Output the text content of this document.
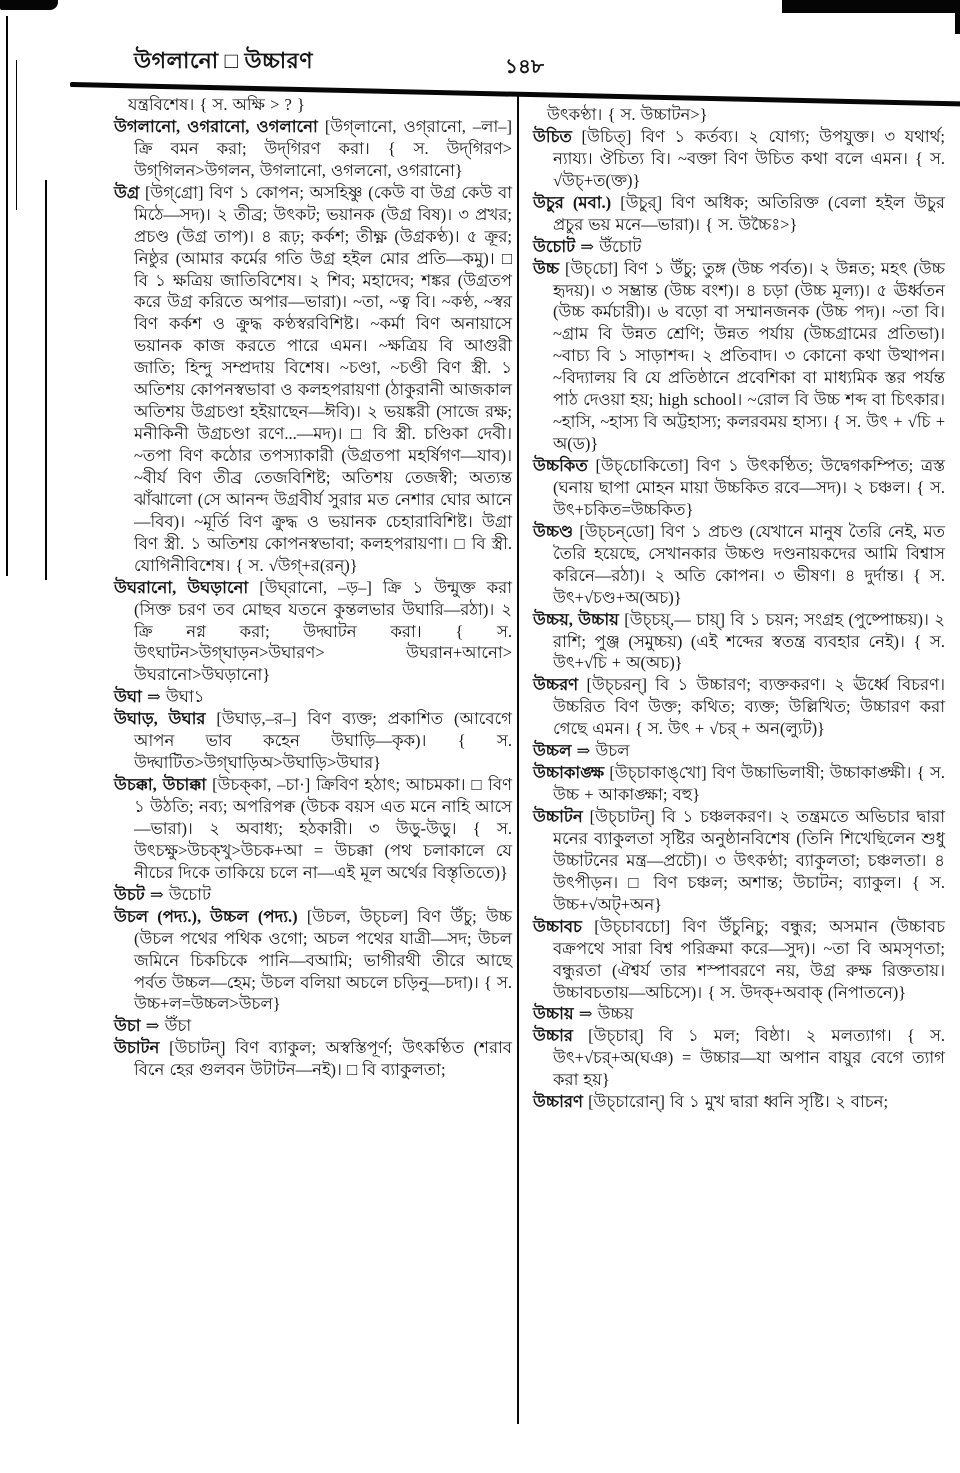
উগলানো □ উচ্চারণ	১৪৮

যন্ত্রবিশেষ। { স. অক্ষি > ? }

উগলানো, ওগরানো, ওগলানো [উগ্‌লানো, ওগ্‌রানো, –লা–] ক্রি বমন করা; উদ্‌গিরণ করা। { স. উদ্‌গিরণ> উগ্‌গিলন>উগলন, উগলানো, ওগলনো, ওগরানো}

উগ্র [উগ্‌গ্রো] বিণ ১ কোপন; অসহিষ্ণু (কেউ বা উগ্র কেউ বা মিঠে—সদ)। ২ তীব্র; উৎকট; ভয়ানক (উগ্র বিষ)। ৩ প্রখর; প্রচণ্ড (উগ্র তাপ)। ৪ রূঢ়; কর্কশ; তীক্ষ্ণ (উগ্রকণ্ঠ)। ৫ ক্রূর; নিষ্ঠুর (আমার কর্মের গতি উগ্র হইল মোর প্রতি—কমু)। □ বি ১ ক্ষত্রিয় জাতিবিশেষ। ২ শিব; মহাদেব; শঙ্কর (উগ্রতপ করে উগ্র করিতে অপার—ভারা)। ~তা, ~ত্ব বি। ~কণ্ঠ, ~স্বর বিণ কর্কশ ও ক্রুদ্ধ কণ্ঠস্বরবিশিষ্ট। ~কর্মা বিণ অনায়াসে ভয়ানক কাজ করতে পারে এমন। ~ক্ষত্রিয় বি আগুরী জাতি; হিন্দু সম্প্রদায় বিশেষ। ~চণ্ডা, ~চণ্ডী বিণ স্ত্রী. ১ অতিশয় কোপনস্বভাবা ও কলহপরায়ণা (ঠাকুরানী আজকাল অতিশয় উগ্রচণ্ডা হইয়াছেন—ঈবি)। ২ ভয়ঙ্করী (সাজে রক্ষ; মনীকিনী উগ্রচণ্ডা রণে...—মদ)। □ বি স্ত্রী. চণ্ডিকা দেবী। ~তপা বিণ কঠোর তপস্যাকারী (উগ্রতপা মহর্ষিগণ—যাব)। ~বীর্য বিণ তীব্র তেজবিশিষ্ট; অতিশয় তেজস্বী; অত্যন্ত ঝাঁঝালো (সে আনন্দ উগ্রবীর্য সুরার মত নেশার ঘোর আনে—বিব)। ~মূর্তি বিণ ক্রুদ্ধ ও ভয়ানক চেহারাবিশিষ্ট। উগ্রা বিণ স্ত্রী. ১ অতিশয় কোপনস্বভাবা; কলহপরায়ণা। □ বি স্ত্রী. যোগিনীবিশেষ। { স. √উগ্‌+র(রন্)}

উঘরানো, উঘড়ানো [উঘ্‌রানো, –ড়–] ক্রি ১ উন্মুক্ত করা (সিক্ত চরণ তব মোছব যতনে কুন্তলভার উঘারি—রঠা)। ২ ক্রি নগ্ন করা; উদ্ঘাটন করা। { স. উৎঘাটন>উগ্‌ঘাড়ন>উঘারণ> উঘরান+আনো> উঘরানো>উঘড়ানো}

উঘা ⇒ উঘা১

উঘাড়, উঘার [উঘাড়,–র–] বিণ ব্যক্ত; প্রকাশিত (আবেগে আপন ভাব কহেন উঘাড়ি—কৃক)। { স. উদ্ঘাটিত>উগ্‌ঘাড়িঅ>উঘাড়ি>উঘার}

উচক্কা, উচাক্কা [উচক্‌কা, –চা·] ক্রিবিণ হঠাৎ; আচমকা। □ বিণ ১ উঠতি; নব্য; অপরিপক্ব (উচক বয়স এত মনে নাহি আসে—ভারা)। ২ অবাধ্য; হঠকারী। ৩ উড়ু-উড়ু। { স. উৎচক্ষু>উচক্‌খু>উচক+আ = উচক্কা (পথ চলাকালে যে নীচের দিকে তাকিয়ে চলে না—এই মূল অর্থের বিস্তৃতিতে)}

উচট ⇒ উচোট

উচল (পদ্য.), উচ্চল (পদ্য.) [উচল, উচ্‌চল] বিণ উঁচু; উচ্চ (উচল পথের পথিক ওগো; অচল পথের যাত্রী—সদ; উচল জমিনে চিকচিকে পানি—বআমি; ভাগীরথী তীরে আছে পর্বত উচ্চল—হেম; উচল বলিয়া অচলে চড়িনু—চদা)। { স. উচ্চ+ল=উচ্চল>উচল}

উচা ⇒ উঁচা

উচাটন [উচাটন্] বিণ ব্যাকুল; অস্বস্তিপূর্ণ; উৎকণ্ঠিত (শরাব বিনে হের গুলবন উটাটন—নই)। □ বি ব্যাকুলতা;

উৎকণ্ঠা। { স. উচ্চাটন>}

উচিত [উচিত্] বিণ ১ কর্তব্য। ২ যোগ্য; উপযুক্ত। ৩ যথার্থ; ন্যায্য। ঔচিত্য বি। ~বক্তা বিণ উচিত কথা বলে এমন। { স. √উচ্‌+ত(ক্ত)}

উচুর (মবা.) [উচুর্] বিণ অধিক; অতিরিক্ত (বেলা হইল উচুর প্রচুর ভয় মনে—ভারা)। { স. উচ্চৈঃ>}

উচোট ⇒ উঁচোট

উচ্চ [উচ্‌চো] বিণ ১ উঁচু; তুঙ্গ (উচ্চ পর্বত)। ২ উন্নত; মহৎ (উচ্চ হৃদয়)। ৩ সম্ভ্রান্ত (উচ্চ বংশ)। ৪ চড়া (উচ্চ মূল্য)। ৫ ঊর্ধ্বতন (উচ্চ কর্মচারী)। ৬ বড়ো বা সম্মানজনক (উচ্চ পদ)। ~তা বি। ~গ্রাম বি উন্নত শ্রেণি; উন্নত পর্যায় (উচ্চগ্রামের প্রতিভা)। ~বাচ্য বি ১ সাড়াশব্দ। ২ প্রতিবাদ। ৩ কোনো কথা উত্থাপন। ~বিদ্যালয় বি যে প্রতিষ্ঠানে প্রবেশিকা বা মাধ্যমিক স্তর পর্যন্ত পাঠ দেওয়া হয়; high school। ~রোল বি উচ্চ শব্দ বা চিৎকার। ~হাসি, ~হাস্য বি অট্টহাস্য; কলরবময় হাস্য। { স. উৎ + √চি + অ(ড)}

উচ্চকিত [উচ্‌চোকিতো] বিণ ১ উৎকণ্ঠিত; উদ্বেগকম্পিত; ত্রস্ত (ঘনায় ছাপা মোহন মায়া উচ্চকিত রবে—সদ)। ২ চঞ্চল। { স. উৎ+চকিত=উচ্চকিত}

উচ্চণ্ড [উচ্‌চন্‌ডো] বিণ ১ প্রচণ্ড (যেখানে মানুষ তৈরি নেই, মত তৈরি হয়েছে, সেখানকার উচ্চণ্ড দণ্ডনায়কদের আমি বিশ্বাস করিনে—রঠা)। ২ অতি কোপন। ৩ ভীষণ। ৪ দুর্দান্ত। { স. উৎ+√চণ্ড+অ(অচ)}

উচ্চয়, উচ্চায় [উচ্‌চয়্,— চায়্] বি ১ চয়ন; সংগ্রহ (পুষ্পোচ্চয়)। ২ রাশি; পুঞ্জ (সমুচ্চয়) (এই শব্দের স্বতন্ত্র ব্যবহার নেই)। { স. উৎ+√চি + অ(অচ)}

উচ্চরণ [উচ্‌চরন্] বি ১ উচ্চারণ; ব্যক্তকরণ। ২ ঊর্ধ্বে বিচরণ। উচ্চরিত বিণ উক্ত; কথিত; ব্যক্ত; উল্লিখিত; উচ্চারণ করা গেছে এমন। { স. উৎ + √চর্ + অন(ল্যুট)}

উচ্চল ⇒ উচল

উচ্চাকাঙ্ক্ষ [উচ্‌চাকাঙ্‌খো] বিণ উচ্চাভিলাষী; উচ্চাকাঙ্ক্ষী। { স. উচ্চ + আকাঙ্ক্ষা; বহু}

উচ্চাটন [উচ্‌চাটন্] বি ১ চঞ্চলকরণ। ২ তন্ত্রমতে অভিচার দ্বারা মনের ব্যাকুলতা সৃষ্টির অনুষ্ঠানবিশেষ (তিনি শিখেছিলেন শুধু উচ্চাটনের মন্ত্র—প্রচৌ)। ৩ উৎকণ্ঠা; ব্যাকুলতা; চঞ্চলতা। ৪ উৎপীড়ন। □ বিণ চঞ্চল; অশান্ত; উচাটন; ব্যাকুল। { স. উচ্চ+√অট্‌+অন}

উচ্চাবচ [উচ্‌চাবচো] বিণ উঁচুনিচু; বন্ধুর; অসমান (উচ্চাবচ বক্রপথে সারা বিশ্ব পরিক্রমা করে—সুদ)। ~তা বি অমসৃণতা; বন্ধুরতা (ঐশ্বর্য তার শস্পাবরণে নয়, উগ্র রুক্ষ রিক্ততায়। উচ্চাবচতায়—অচিসে)। { স. উদক্+অবাক্ (নিপাতনে)}

উচ্চায় ⇒ উচ্চয়

উচ্চার [উচ্‌চার্] বি ১ মল; বিষ্ঠা। ২ মলত্যাগ। { স. উৎ+√চর্+অ(ঘঞ) = উচ্চার—যা অপান বায়ুর বেগে ত্যাগ করা হয়}

উচ্চারণ [উচ্‌চারোন্] বি ১ মুখ দ্বারা ধ্বনি সৃষ্টি। ২ বাচন;
